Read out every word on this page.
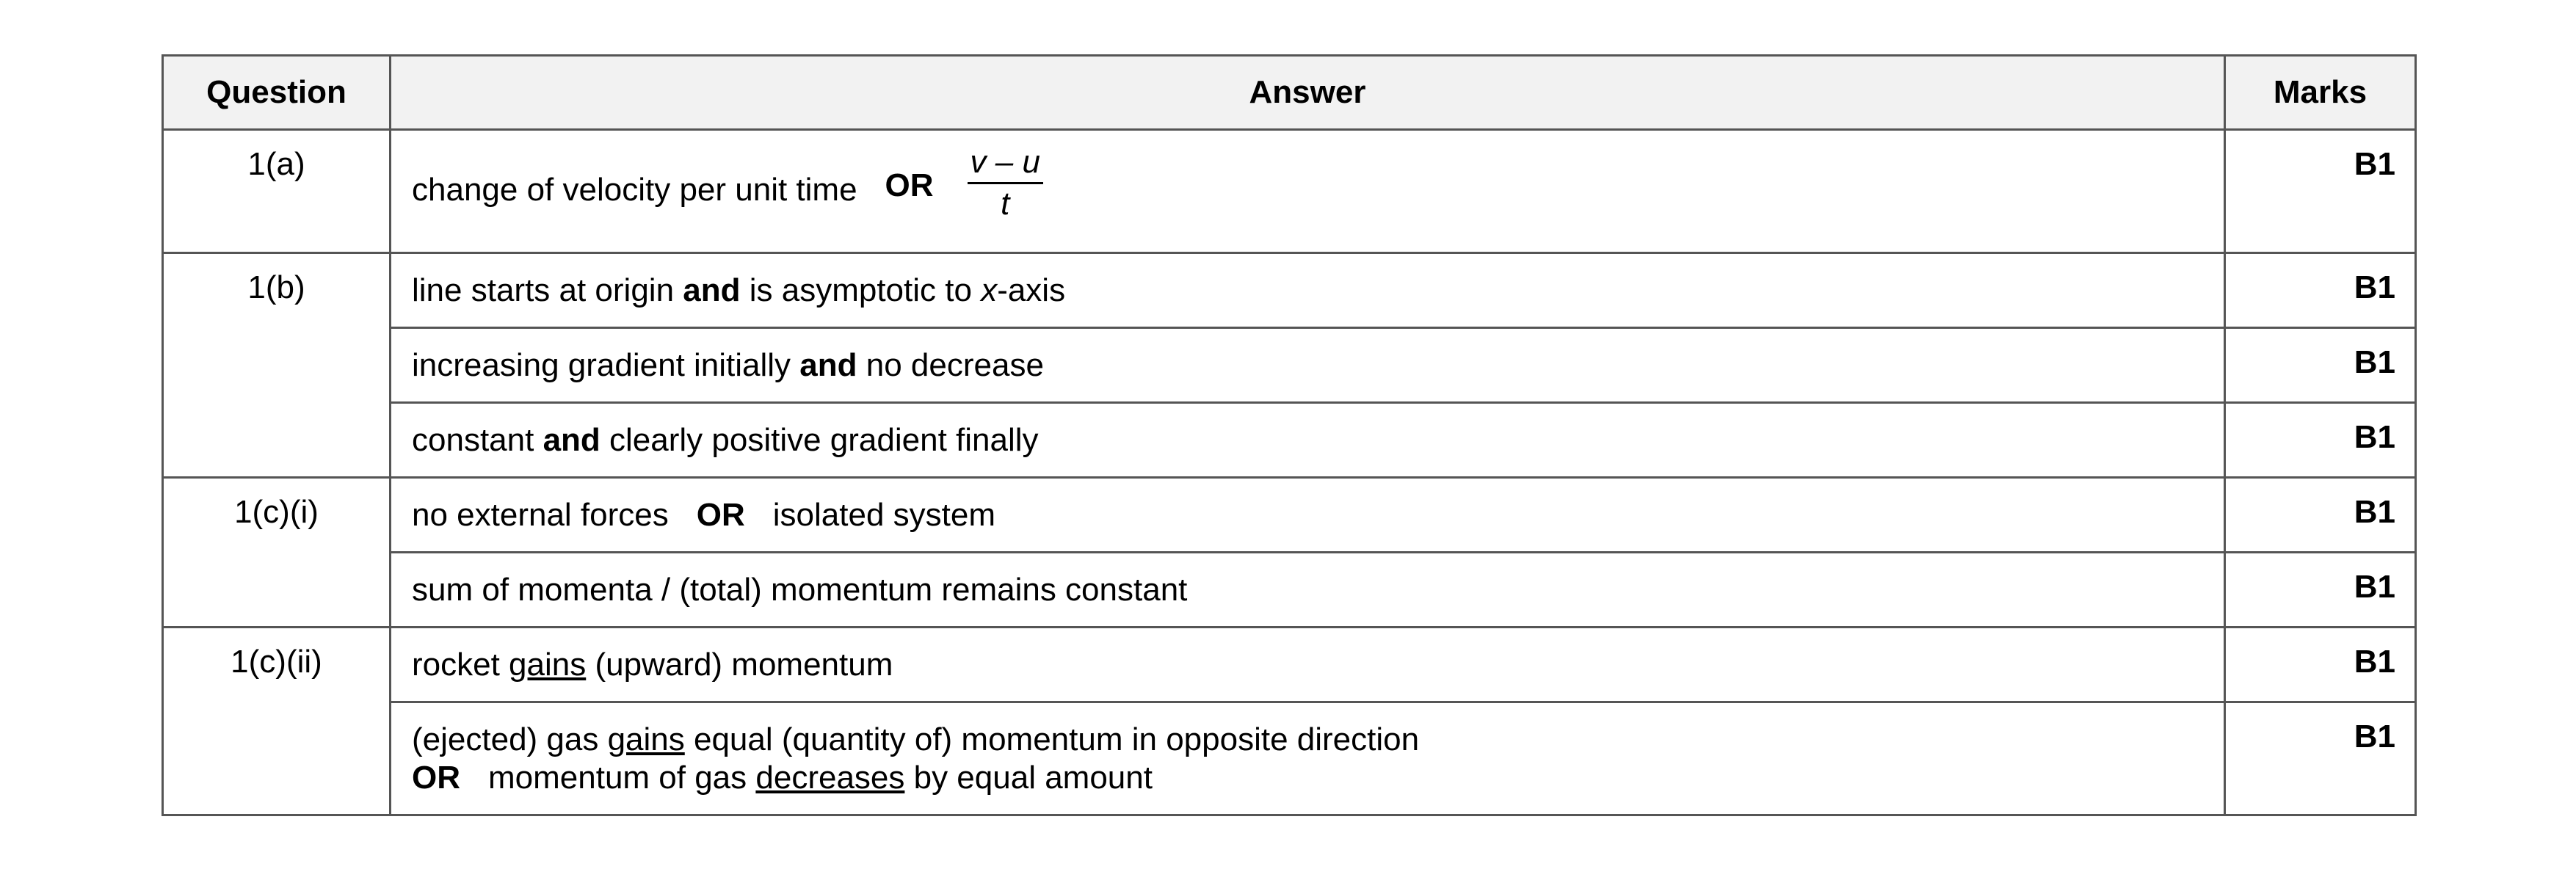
Question	Answer	Marks
1(a)	change of velocity per unit time OR $\frac{v - u}{t}$	B1
1(b)	line starts at origin and is asymptotic to x-axis	B1
	increasing gradient initially and no decrease	B1
	constant and clearly positive gradient finally	B1
1(c)(i)	no external forces OR isolated system	B1
	sum of momenta / (total) momentum remains constant	B1
1(c)(ii)	rocket gains (upward) momentum	B1
	(ejected) gas gains equal (quantity of) momentum in opposite direction
OR momentum of gas decreases by equal amount	B1
